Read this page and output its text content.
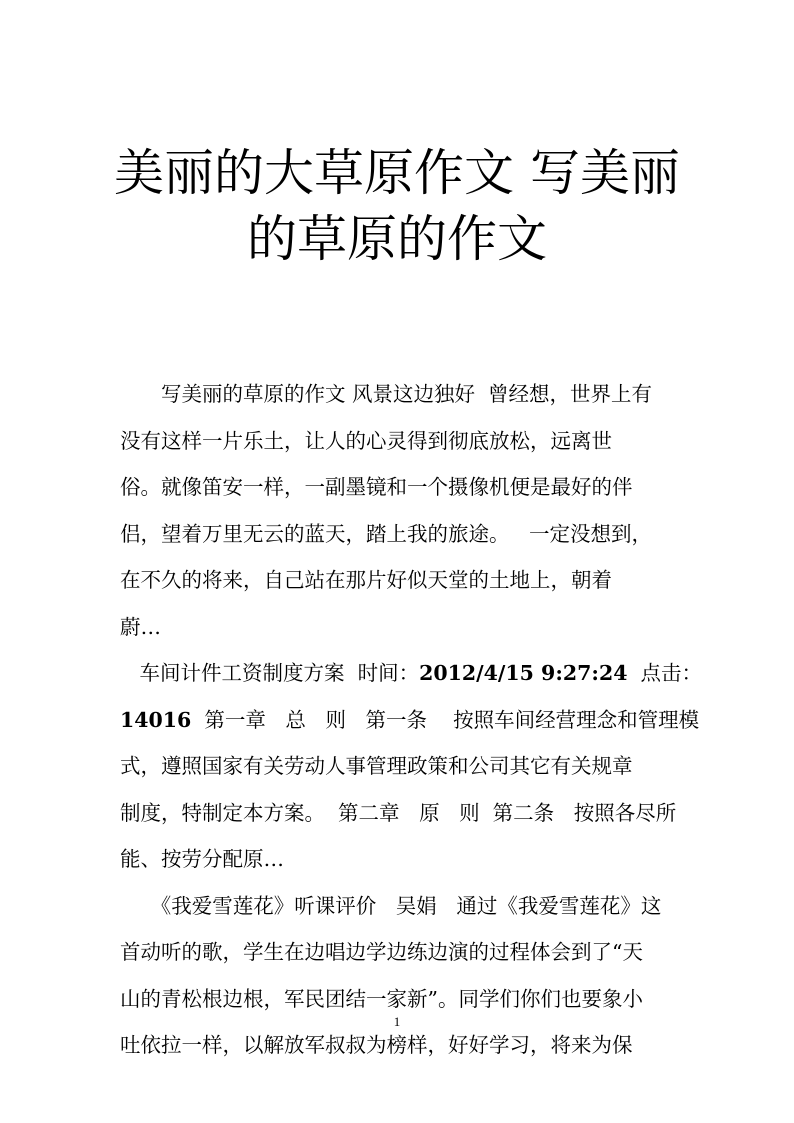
美丽的大草原作文 写美丽
的草原的作文
　　写美丽的草原的作文 风景这边独好  曾经想，世界上有
没有这样一片乐土，让人的心灵得到彻底放松，远离世
俗。就像笛安一样，一副墨镜和一个摄像机便是最好的伴
侣，望着万里无云的蓝天，踏上我的旅途。   一定没想到，
在不久的将来，自己站在那片好似天堂的土地上，朝着
蔚…
车间计件工资制度方案  时间：2012/4/15 9:27:24  点击：
14016  第一章   总   则   第一条    按照车间经营理念和管理模
式，遵照国家有关劳动人事管理政策和公司其它有关规章
制度，特制定本方案。  第二章   原   则  第二条   按照各尽所
能、按劳分配原…
　　《我爱雪莲花》听课评价   吴娟   通过《我爱雪莲花》这
首动听的歌，学生在边唱边学边练边演的过程体会到了“天
山的青松根边根，军民团结一家新”。同学们你们也要象小
吐依拉一样，以解放军叔叔为榜样，好好学习，将来为保
1
